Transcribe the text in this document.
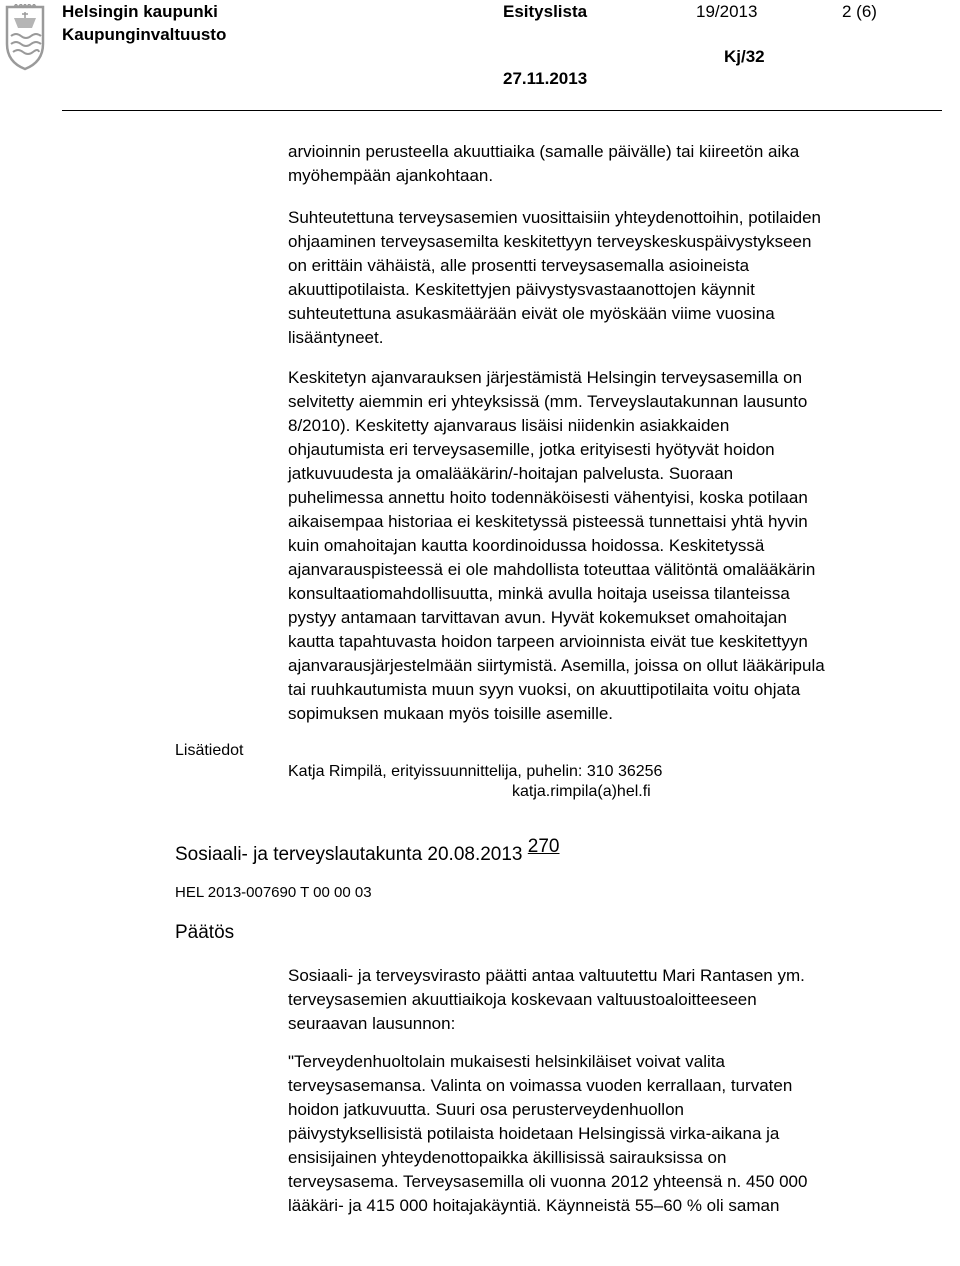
Helsingin kaupunki
Kaupunginvaltuusto
Esityslista	19/2013	2 (6)
Kj/32
27.11.2013
arvioinnin perusteella akuuttiaika (samalle päivälle) tai kiireetön aika
myöhempään ajankohtaan.
Suhteutettuna terveysasemien vuosittaisiin yhteydenottoihin, potilaiden
ohjaaminen terveysasemilta keskitettyyn terveyskeskuspäivystykseen
on erittäin vähäistä, alle prosentti terveysasemalla asioineista
akuuttipotilaista. Keskitettyjen päivystysvastaanottojen käynnit
suhteutettuna asukasmäärään eivät ole myöskään viime vuosina
lisääntyneet.
Keskitetyn ajanvarauksen järjestämistä Helsingin terveysasemilla on
selvitetty aiemmin eri yhteyksissä (mm. Terveyslautakunnan lausunto
8/2010). Keskitetty ajanvaraus lisäisi niidenkin asiakkaiden
ohjautumista eri terveysasemille, jotka erityisesti hyötyvät hoidon
jatkuvuudesta ja omalääkärin/-hoitajan palvelusta. Suoraan
puhelimessa annettu hoito todennäköisesti vähentyisi, koska potilaan
aikaisempaa historiaa ei keskitetyssä pisteessä tunnettaisi yhtä hyvin
kuin omahoitajan kautta koordinoidussa hoidossa. Keskitetyssä
ajanvarauspisteessä ei ole mahdollista toteuttaa välitöntä omalääkärin
konsultaatiomahdollisuutta, minkä avulla hoitaja useissa tilanteissa
pystyy antamaan tarvittavan avun. Hyvät kokemukset omahoitajan
kautta tapahtuvasta hoidon tarpeen arvioinnista eivät tue keskitettyyn
ajanvarausjärjestelmään siirtymistä. Asemilla, joissa on ollut lääkäripula
tai ruuhkautumista muun syyn vuoksi, on akuuttipotilaita voitu ohjata
sopimuksen mukaan myös toisille asemille.
Lisätiedot
Katja Rimpilä, erityissuunnittelija, puhelin: 310 36256
katja.rimpila(a)hel.fi
Sosiaali- ja terveyslautakunta 20.08.2013 $^{270}$
HEL 2013-007690 T 00 00 03
Päätös
Sosiaali- ja terveysvirasto päätti antaa valtuutettu Mari Rantasen ym.
terveysasemien akuuttiaikoja koskevaan valtuustoaloitteeseen
seuraavan lausunnon:
"Terveydenhuoltolain mukaisesti helsinkiläiset voivat valita
terveysasemansa. Valinta on voimassa vuoden kerrallaan, turvaten
hoidon jatkuvuutta. Suuri osa perusterveydenhuollon
päivystyksellisistä potilaista hoidetaan Helsingissä virka-aikana ja
ensisijainen yhteydenottopaikka äkillisissä sairauksissa on
terveysasema. Terveysasemilla oli vuonna 2012 yhteensä n. 450 000
lääkäri- ja 415 000 hoitajakäyntiä. Käynneistä 55–60 % oli saman
